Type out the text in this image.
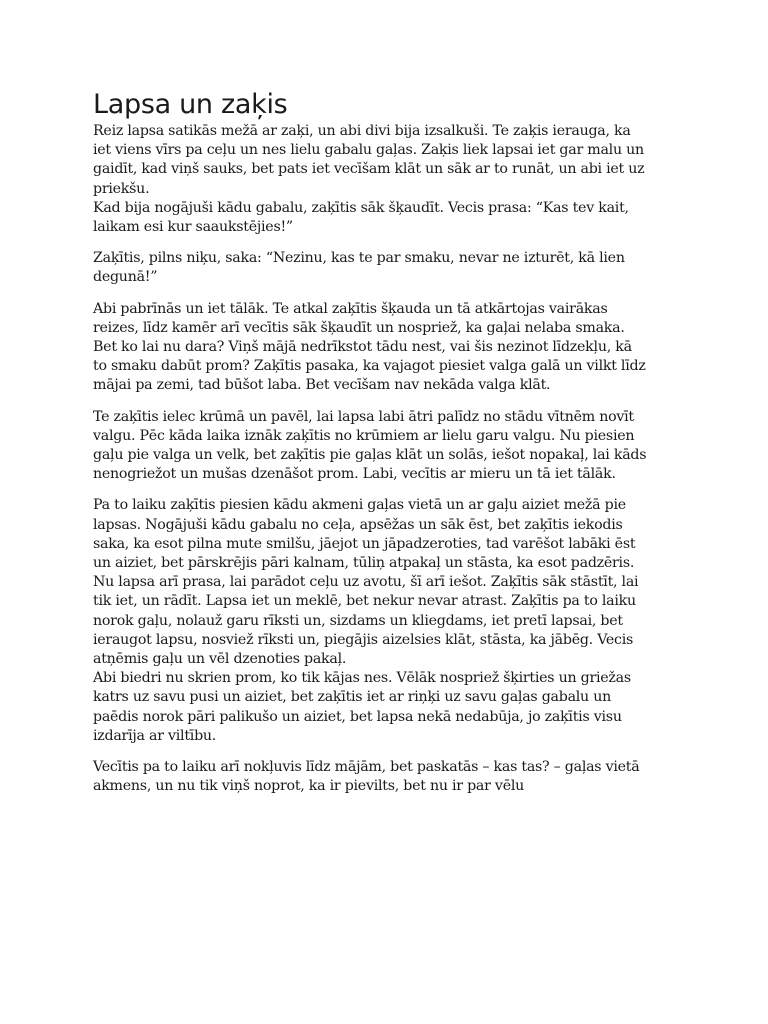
Lapsa un zaķis

Reiz lapsa satikās mežā ar zaķi, un abi divi bija izsalkuši. Te zaķis ierauga, ka
iet viens vīrs pa ceļu un nes lielu gabalu gaļas. Zaķis liek lapsai iet gar malu un
gaidīt, kad viņš sauks, bet pats iet vecīšam klāt un sāk ar to runāt, un abi iet uz
priekšu.

Kad bija nogājuši kādu gabalu, zaķītis sāk šķaudīt. Vecis prasa: “Kas tev kait,
laikam esi kur saaukstējies!”

Zaķītis, pilns niķu, saka: “Nezinu, kas te par smaku, nevar ne izturēt, kā lien
degunā!”

Abi pabrīnās un iet tālāk. Te atkal zaķītis šķauda un tā atkārtojas vairākas
reizes, līdz kamēr arī vecītis sāk šķaudīt un nospriež, ka gaļai nelaba smaka.
Bet ko lai nu dara? Viņš mājā nedrīkstot tādu nest, vai šis nezinot līdzekļu, kā
to smaku dabūt prom? Zaķītis pasaka, ka vajagot piesiet valga galā un vilkt līdz
mājai pa zemi, tad būšot laba. Bet vecīšam nav nekāda valga klāt.

Te zaķītis ielec krūmā un pavēl, lai lapsa labi ātri palīdz no stādu vītnēm novīt
valgu. Pēc kāda laika iznāk zaķītis no krūmiem ar lielu garu valgu. Nu piesien
gaļu pie valga un velk, bet zaķītis pie gaļas klāt un solās, iešot nopakaļ, lai kāds
nenogriežot un mušas dzenāšot prom. Labi, vecītis ar mieru un tā iet tālāk.

Pa to laiku zaķītis piesien kādu akmeni gaļas vietā un ar gaļu aiziet mežā pie
lapsas. Nogājuši kādu gabalu no ceļa, apsēžas un sāk ēst, bet zaķītis iekodis
saka, ka esot pilna mute smilšu, jāejot un jāpadzeroties, tad varēšot labāki ēst
un aiziet, bet pārskrējis pāri kalnam, tūliņ atpakaļ un stāsta, ka esot padzēris.
Nu lapsa arī prasa, lai parādot ceļu uz avotu, šī arī iešot. Zaķītis sāk stāstīt, lai
tik iet, un rādīt. Lapsa iet un meklē, bet nekur nevar atrast. Zaķītis pa to laiku
norok gaļu, nolauž garu rīksti un, sizdams un kliegdams, iet pretī lapsai, bet
ieraugot lapsu, nosviež rīksti un, piegājis aizelsies klāt, stāsta, ka jābēg. Vecis
atņēmis gaļu un vēl dzenoties pakaļ.

Abi biedri nu skrien prom, ko tik kājas nes. Vēlāk nospriež šķirties un griežas
katrs uz savu pusi un aiziet, bet zaķītis iet ar riņķi uz savu gaļas gabalu un
paēdis norok pāri palikušo un aiziet, bet lapsa nekā nedabūja, jo zaķītis visu
izdarīja ar viltību.

Vecītis pa to laiku arī nokļuvis līdz mājām, bet paskatās – kas tas? – gaļas vietā
akmens, un nu tik viņš noprot, ka ir pievilts, bet nu ir par vēlu
